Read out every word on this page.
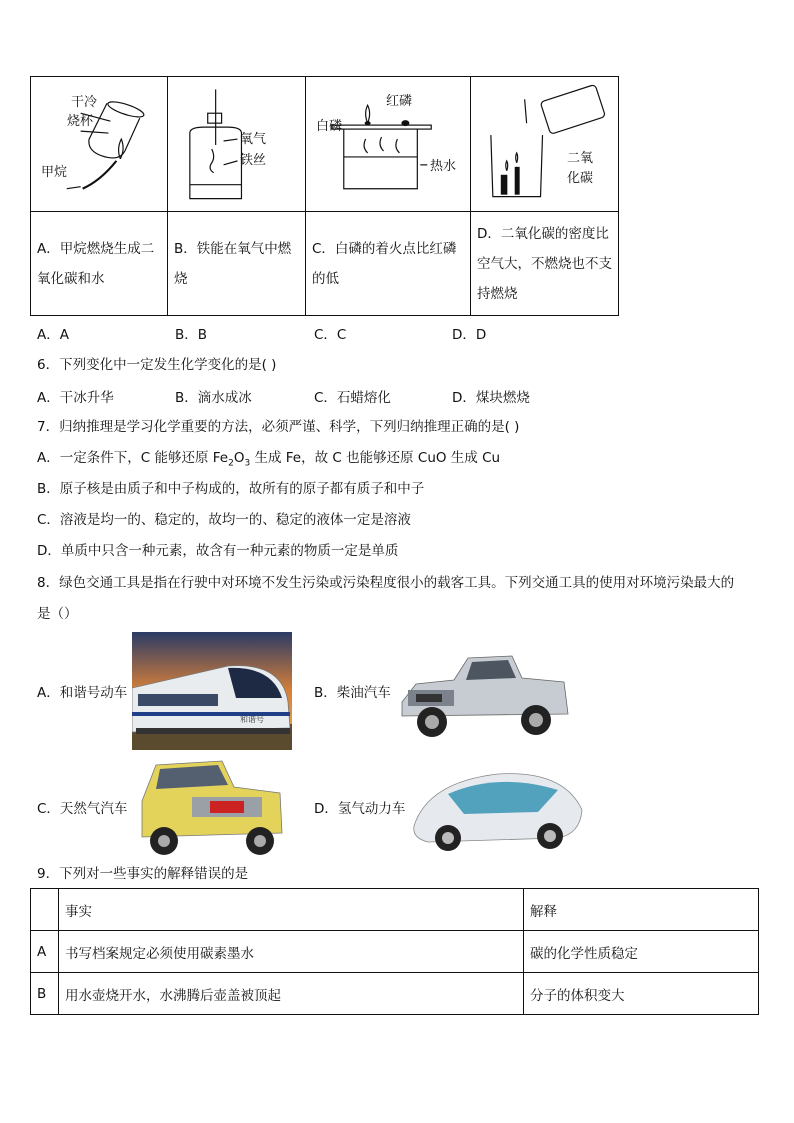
干冷
烧杯
甲烷	氧气
铁丝	白磷
红磷
热水	二氧
化碳

A．甲烷燃烧生成二氧化碳和水	B．铁能在氧气中燃烧	C．白磷的着火点比红磷的低	D．二氧化碳的密度比空气大，不燃烧也不支持燃烧
A．A	B．B	C．C	D．D
6．下列变化中一定发生化学变化的是( )
A．干冰升华	B．滴水成冰	C．石蜡熔化	D．煤块燃烧
7．归纳推理是学习化学重要的方法，必须严谨、科学，下列归纳推理正确的是( )
A．一定条件下，C 能够还原 $Fe_2O_3$ 生成 Fe，故 C 也能够还原 CuO 生成 Cu
B．原子核是由质子和中子构成的，故所有的原子都有质子和中子
C．溶液是均一的、稳定的，故均一的、稳定的液体一定是溶液
D．单质中只含一种元素，故含有一种元素的物质一定是单质
8．绿色交通工具是指在行驶中对环境不发生污染或污染程度很小的载客工具。下列交通工具的使用对环境污染最大的
是（）
A．和谐号动车
和谐号
B．柴油汽车
C．天然气汽车	D．氢气动力车
9．下列对一些事实的解释错误的是
	事实	解释
A	书写档案规定必须使用碳素墨水	碳的化学性质稳定
B	用水壶烧开水，水沸腾后壶盖被顶起	分子的体积变大
